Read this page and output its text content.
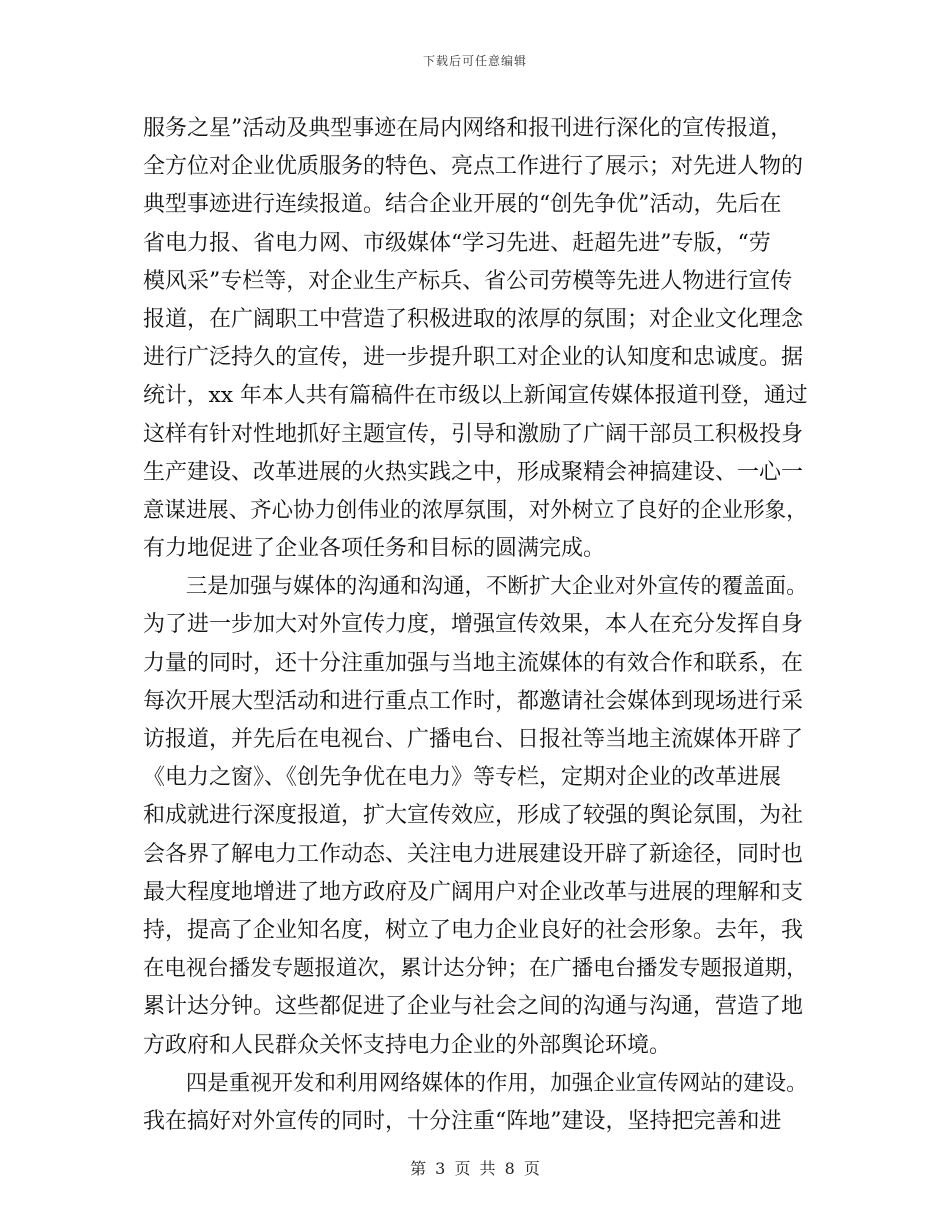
下载后可任意编辑
服务之星”活动及典型事迹在局内网络和报刊进行深化的宣传报道，
全方位对企业优质服务的特色、亮点工作进行了展示；对先进人物的
典型事迹进行连续报道。结合企业开展的“创先争优”活动，先后在
省电力报、省电力网、市级媒体“学习先进、赶超先进”专版，“劳
模风采”专栏等，对企业生产标兵、省公司劳模等先进人物进行宣传
报道，在广阔职工中营造了积极进取的浓厚的氛围；对企业文化理念
进行广泛持久的宣传，进一步提升职工对企业的认知度和忠诚度。据
统计，xx 年本人共有篇稿件在市级以上新闻宣传媒体报道刊登，通过
这样有针对性地抓好主题宣传，引导和激励了广阔干部员工积极投身
生产建设、改革进展的火热实践之中，形成聚精会神搞建设、一心一
意谋进展、齐心协力创伟业的浓厚氛围，对外树立了良好的企业形象，
有力地促进了企业各项任务和目标的圆满完成。
　　三是加强与媒体的沟通和沟通，不断扩大企业对外宣传的覆盖面。
为了进一步加大对外宣传力度，增强宣传效果，本人在充分发挥自身
力量的同时，还十分注重加强与当地主流媒体的有效合作和联系，在
每次开展大型活动和进行重点工作时，都邀请社会媒体到现场进行采
访报道，并先后在电视台、广播电台、日报社等当地主流媒体开辟了
《电力之窗》、《创先争优在电力》等专栏，定期对企业的改革进展
和成就进行深度报道，扩大宣传效应，形成了较强的舆论氛围，为社
会各界了解电力工作动态、关注电力进展建设开辟了新途径，同时也
最大程度地增进了地方政府及广阔用户对企业改革与进展的理解和支
持，提高了企业知名度，树立了电力企业良好的社会形象。去年，我
在电视台播发专题报道次，累计达分钟；在广播电台播发专题报道期，
累计达分钟。这些都促进了企业与社会之间的沟通与沟通，营造了地
方政府和人民群众关怀支持电力企业的外部舆论环境。
　　四是重视开发和利用网络媒体的作用，加强企业宣传网站的建设。
我在搞好对外宣传的同时，十分注重“阵地”建设，坚持把完善和进
第 3 页 共 8 页
